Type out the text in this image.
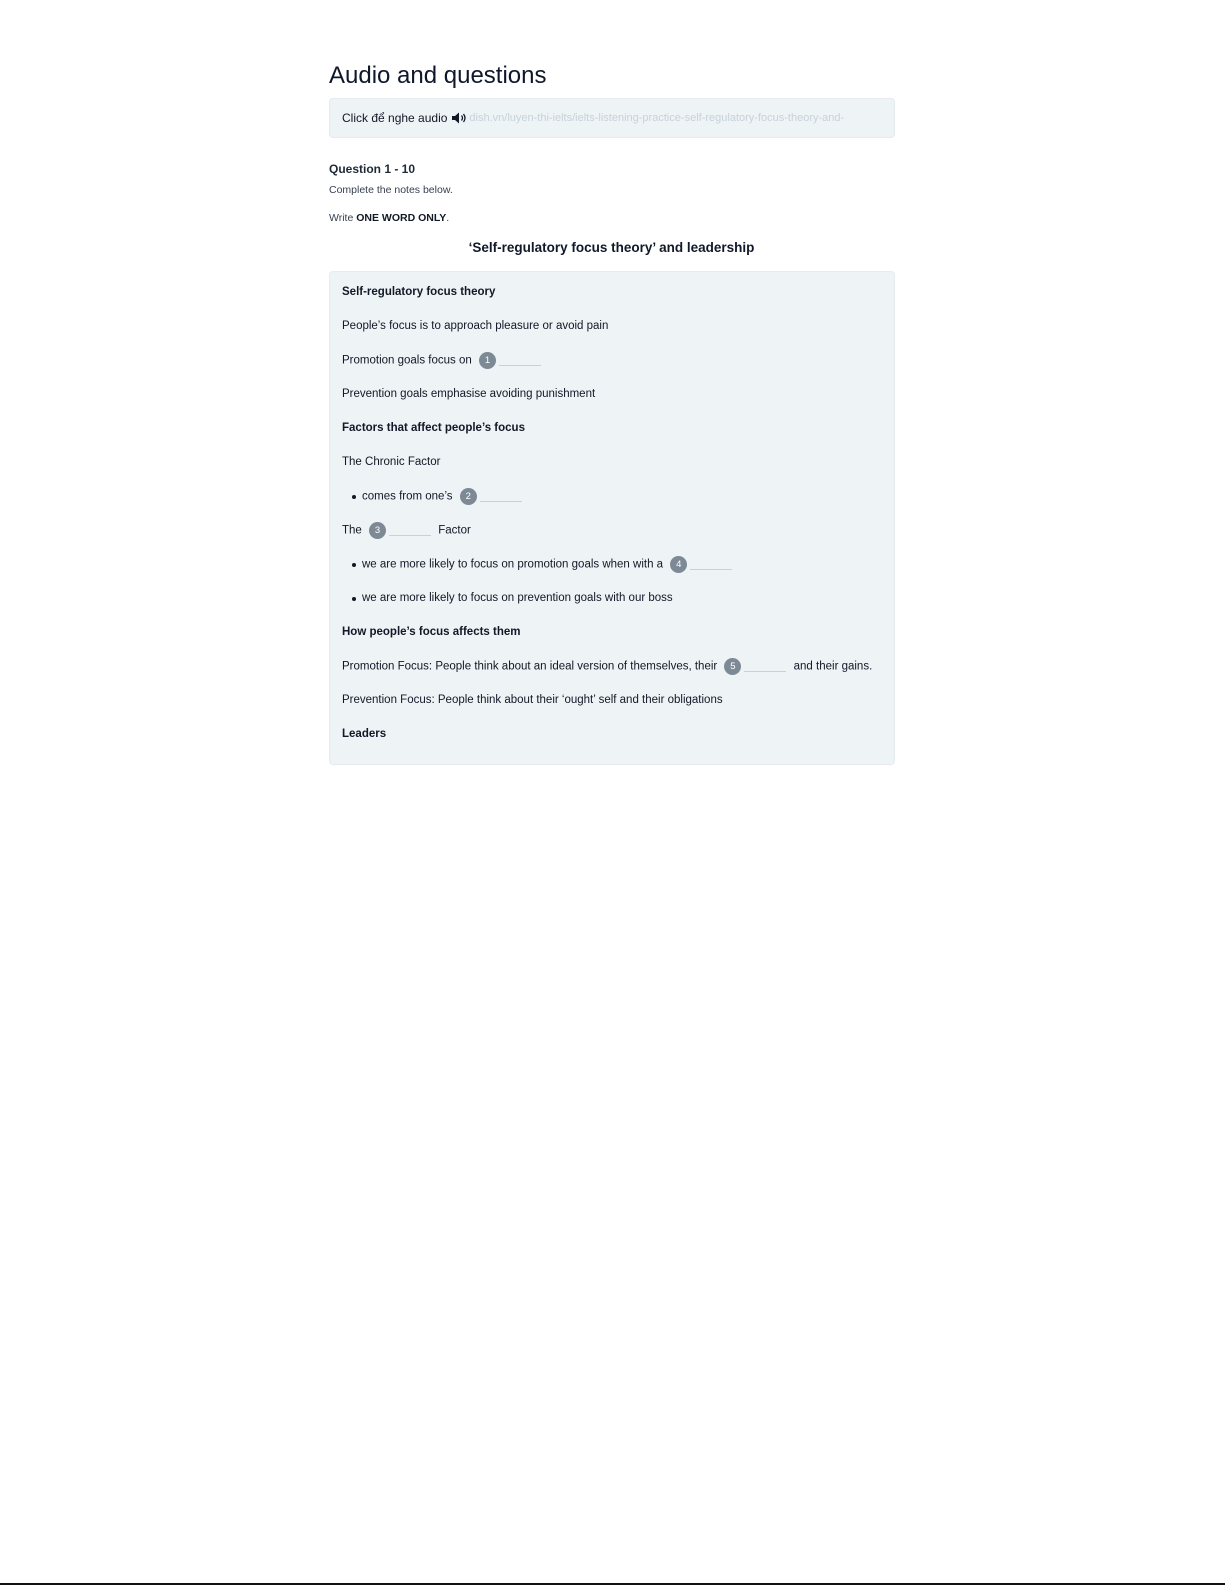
Audio and questions
Click để nghe audio dish.vn/luyen-thi-ielts/ielts-listening-practice-self-regulatory-focus-theory-and-
Question 1 - 10
Complete the notes below.
Write ONE WORD ONLY.
‘Self-regulatory focus theory’ and leadership
Self-regulatory focus theory
People’s focus is to approach pleasure or avoid pain
Promotion goals focus on	1
Prevention goals emphasise avoiding punishment
Factors that affect people’s focus
The Chronic Factor
comes from one’s	2
The	3	Factor
we are more likely to focus on promotion goals when with a	4
we are more likely to focus on prevention goals with our boss
How people’s focus affects them
Promotion Focus: People think about an ideal version of themselves, their	5	and their gains.
Prevention Focus: People think about their ‘ought’ self and their obligations
Leaders
